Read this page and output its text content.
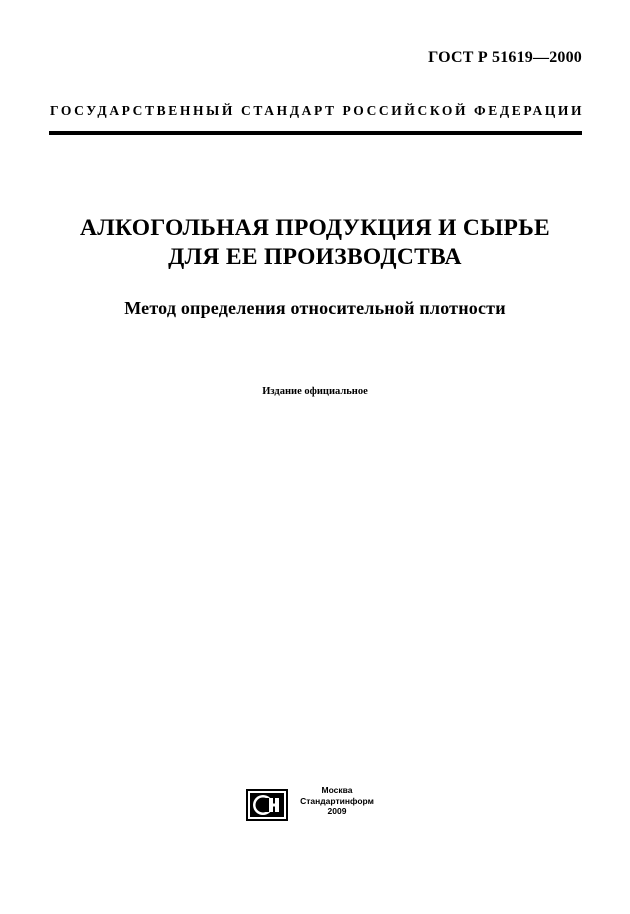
ГОСТ Р 51619—2000
ГОСУДАРСТВЕННЫЙ СТАНДАРТ РОССИЙСКОЙ ФЕДЕРАЦИИ
АЛКОГОЛЬНАЯ ПРОДУКЦИЯ И СЫРЬЕ
ДЛЯ ЕЕ ПРОИЗВОДСТВА
Метод определения относительной плотности
Издание официальное
Москва
Стандартинформ
2009
